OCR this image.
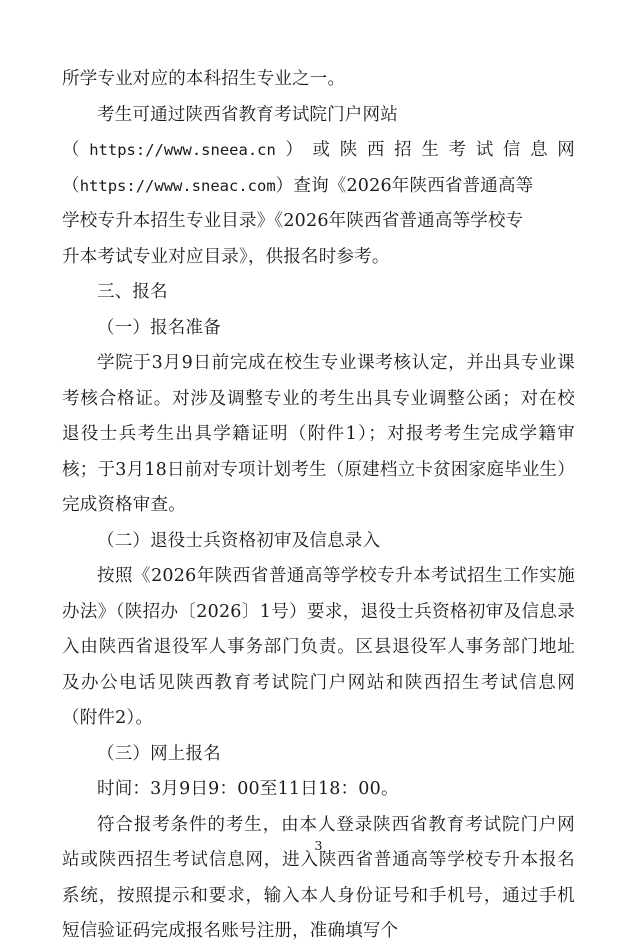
所学专业对应的本科招生专业之一。

考生可通过陕西省教育考试院门户网站

（https://www.sneea.cn）或陕西招生考试信息网（https://www.sneac.com）查询《2026年陕西省普通高等

学校专升本招生专业目录》《2026年陕西省普通高等学校专

升本考试专业对应目录》，供报名时参考。

三、报名

（一）报名准备

学院于3月9日前完成在校生专业课考核认定，并出具专业课考核合格证。对涉及调整专业的考生出具专业调整公函；对在校退役士兵考生出具学籍证明（附件1）；对报考考生完成学籍审核；于3月18日前对专项计划考生（原建档立卡贫困家庭毕业生）完成资格审查。

（二）退役士兵资格初审及信息录入

按照《2026年陕西省普通高等学校专升本考试招生工作实施办法》（陕招办〔2026〕1号）要求，退役士兵资格初审及信息录入由陕西省退役军人事务部门负责。区县退役军人事务部门地址及办公电话见陕西教育考试院门户网站和陕西招生考试信息网（附件2）。

（三）网上报名

时间：3月9日9：00至11日18：00。

符合报考条件的考生，由本人登录陕西省教育考试院门户网 站或陕西招生考试信息网，进入陕西省普通高等学校专升本报名系统，按照提示和要求，输入本人身份证号和手机号，通过手机短信验证码完成报名账号注册，准确填写个

3
